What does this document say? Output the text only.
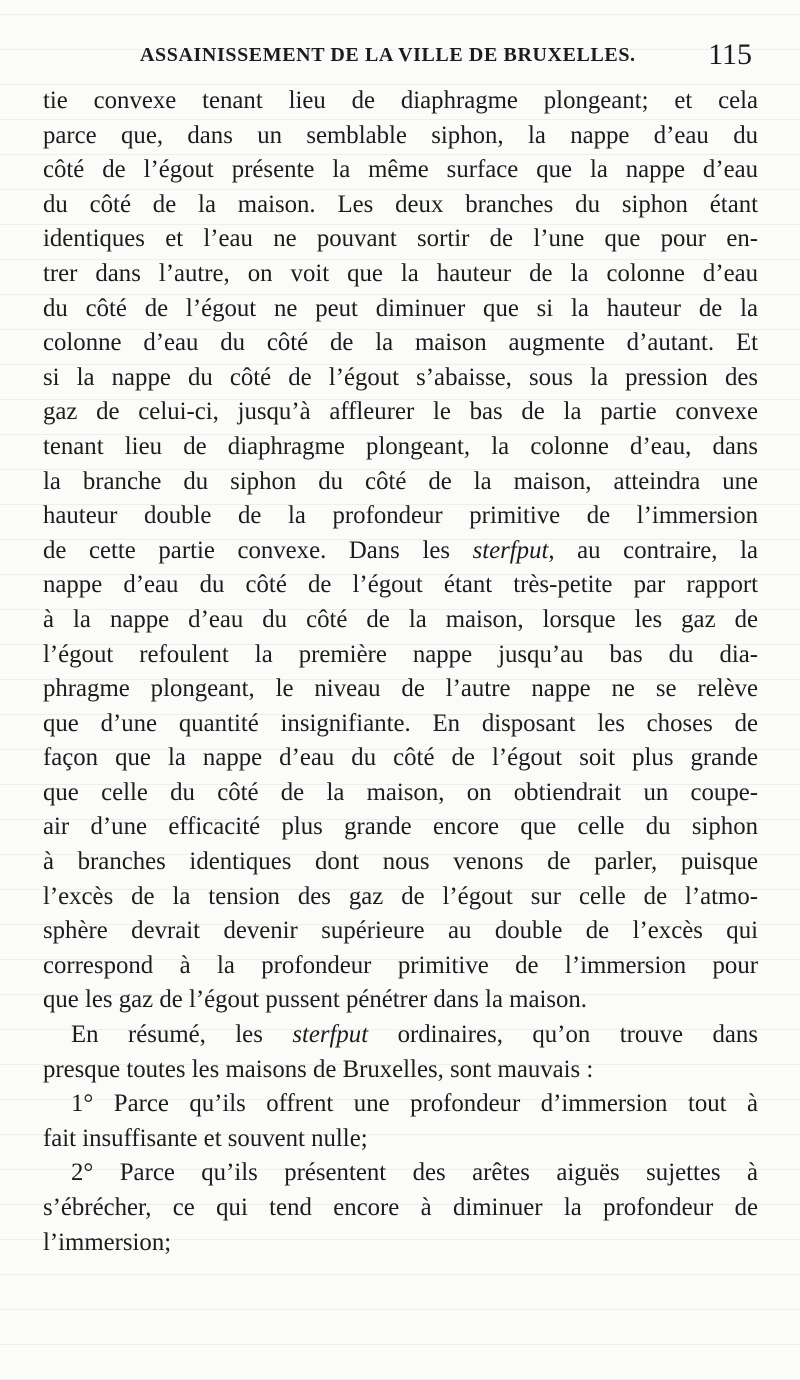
ASSAINISSEMENT DE LA VILLE DE BRUXELLES. 115
tie convexe tenant lieu de diaphragme plongeant; et cela
parce que, dans un semblable siphon, la nappe d’eau du
côté de l’égout présente la même surface que la nappe d’eau
du côté de la maison. Les deux branches du siphon étant
identiques et l’eau ne pouvant sortir de l’une que pour en-
trer dans l’autre, on voit que la hauteur de la colonne d’eau
du côté de l’égout ne peut diminuer que si la hauteur de la
colonne d’eau du côté de la maison augmente d’autant. Et
si la nappe du côté de l’égout s’abaisse, sous la pression des
gaz de celui-ci, jusqu’à affleurer le bas de la partie convexe
tenant lieu de diaphragme plongeant, la colonne d’eau, dans
la branche du siphon du côté de la maison, atteindra une
hauteur double de la profondeur primitive de l’immersion
de cette partie convexe. Dans les sterfput, au contraire, la
nappe d’eau du côté de l’égout étant très-petite par rapport
à la nappe d’eau du côté de la maison, lorsque les gaz de
l’égout refoulent la première nappe jusqu’au bas du dia-
phragme plongeant, le niveau de l’autre nappe ne se relève
que d’une quantité insignifiante. En disposant les choses de
façon que la nappe d’eau du côté de l’égout soit plus grande
que celle du côté de la maison, on obtiendrait un coupe-
air d’une efficacité plus grande encore que celle du siphon
à branches identiques dont nous venons de parler, puisque
l’excès de la tension des gaz de l’égout sur celle de l’atmo-
sphère devrait devenir supérieure au double de l’excès qui
correspond à la profondeur primitive de l’immersion pour
que les gaz de l’égout pussent pénétrer dans la maison.
En résumé, les sterfput ordinaires, qu’on trouve dans
presque toutes les maisons de Bruxelles, sont mauvais :
1° Parce qu’ils offrent une profondeur d’immersion tout à
fait insuffisante et souvent nulle;
2° Parce qu’ils présentent des arêtes aiguës sujettes à
s’ébrécher, ce qui tend encore à diminuer la profondeur de
l’immersion;
